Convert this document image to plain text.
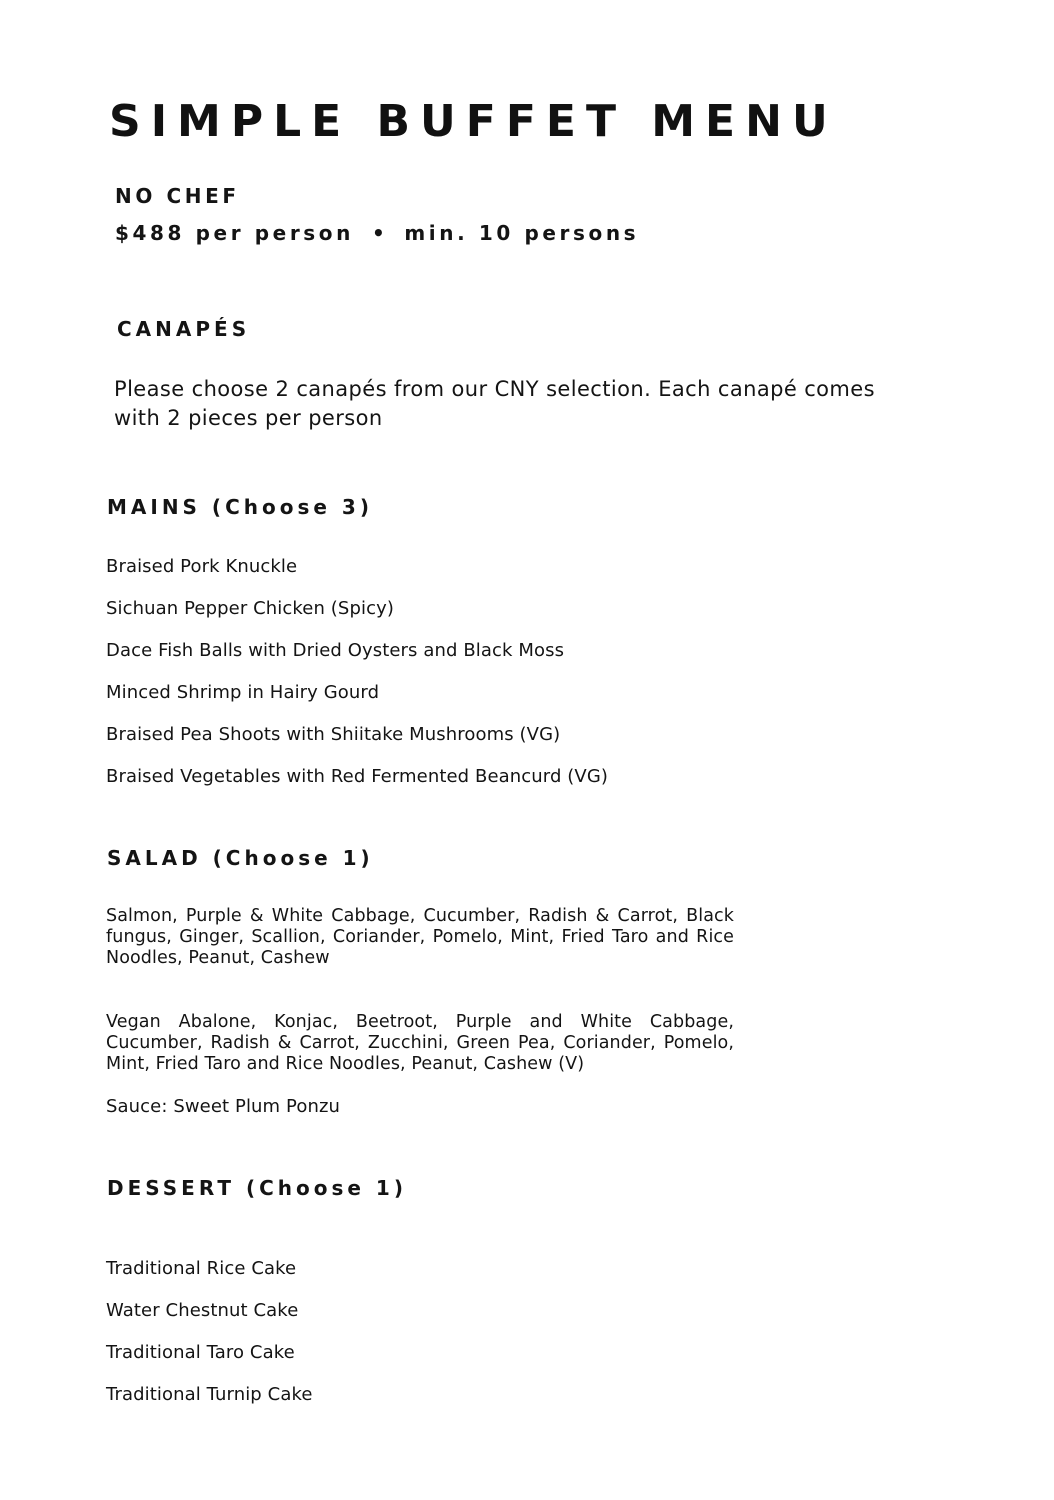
SIMPLE BUFFET MENU
NO CHEF
$488 per person • min. 10 persons
CANAPÉS

Please choose 2 canapés from our CNY selection. Each canapé comes with 2 pieces per person

MAINS (Choose 3)
Braised Pork Knuckle
Sichuan Pepper Chicken (Spicy)
Dace Fish Balls with Dried Oysters and Black Moss
Minced Shrimp in Hairy Gourd
Braised Pea Shoots with Shiitake Mushrooms (VG)
Braised Vegetables with Red Fermented Beancurd (VG)
SALAD (Choose 1)

Salmon, Purple & White Cabbage, Cucumber, Radish & Carrot, Black fungus, Ginger, Scallion, Coriander, Pomelo, Mint, Fried Taro and Rice Noodles, Peanut, Cashew

Vegan Abalone, Konjac, Beetroot, Purple and White Cabbage, Cucumber, Radish & Carrot, Zucchini, Green Pea, Coriander, Pomelo, Mint, Fried Taro and Rice Noodles, Peanut, Cashew (V)

Sauce: Sweet Plum Ponzu
DESSERT (Choose 1)
Traditional Rice Cake
Water Chestnut Cake
Traditional Taro Cake
Traditional Turnip Cake
